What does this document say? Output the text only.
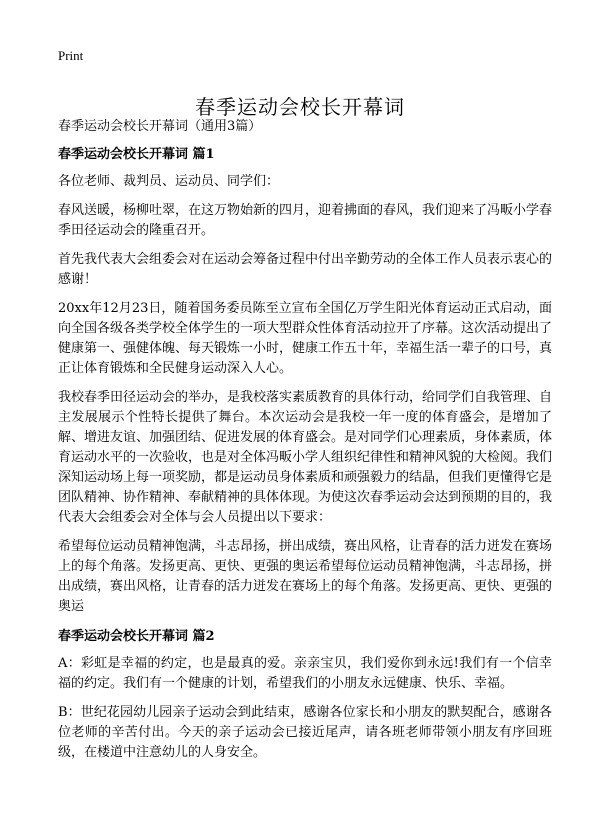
Print
春季运动会校长开幕词
春季运动会校长开幕词（通用3篇）
春季运动会校长开幕词 篇1

各位老师、裁判员、运动员、同学们：

春风送暖，杨柳吐翠，在这万物始新的四月，迎着拂面的春风，我们迎来了冯畈小学春季田径运动会的隆重召开。

首先我代表大会组委会对在运动会筹备过程中付出辛勤劳动的全体工作人员表示衷心的感谢！

20xx年12月23日，随着国务委员陈至立宣布全国亿万学生阳光体育运动正式启动，面向全国各级各类学校全体学生的一项大型群众性体育活动拉开了序幕。这次活动提出了健康第一、强健体魄、每天锻炼一小时，健康工作五十年，幸福生活一辈子的口号，真正让体育锻炼和全民健身运动深入人心。

我校春季田径运动会的举办，是我校落实素质教育的具体行动，给同学们自我管理、自主发展展示个性特长提供了舞台。本次运动会是我校一年一度的体育盛会，是增加了解、增进友谊、加强团结、促进发展的体育盛会。是对同学们心理素质，身体素质，体育运动水平的一次验收，也是对全体冯畈小学人组织纪律性和精神风貌的大检阅。我们深知运动场上每一项奖励，都是运动员身体素质和顽强毅力的结晶，但我们更懂得它是团队精神、协作精神、奉献精神的具体体现。为使这次春季运动会达到预期的目的，我代表大会组委会对全体与会人员提出以下要求：

希望每位运动员精神饱满，斗志昂扬，拼出成绩，赛出风格，让青春的活力迸发在赛场上的每个角落。发扬更高、更快、更强的奥运希望每位运动员精神饱满，斗志昂扬，拼出成绩，赛出风格，让青春的活力迸发在赛场上的每个角落。发扬更高、更快、更强的奥运

春季运动会校长开幕词 篇2

A：彩虹是幸福的约定，也是最真的爱。亲亲宝贝，我们爱你到永远!我们有一个信幸福的约定。我们有一个健康的计划，希望我们的小朋友永远健康、快乐、幸福。

B：世纪花园幼儿园亲子运动会到此结束，感谢各位家长和小朋友的默契配合，感谢各位老师的辛苦付出。今天的亲子运动会已接近尾声，请各班老师带领小朋友有序回班级，在楼道中注意幼儿的人身安全。
